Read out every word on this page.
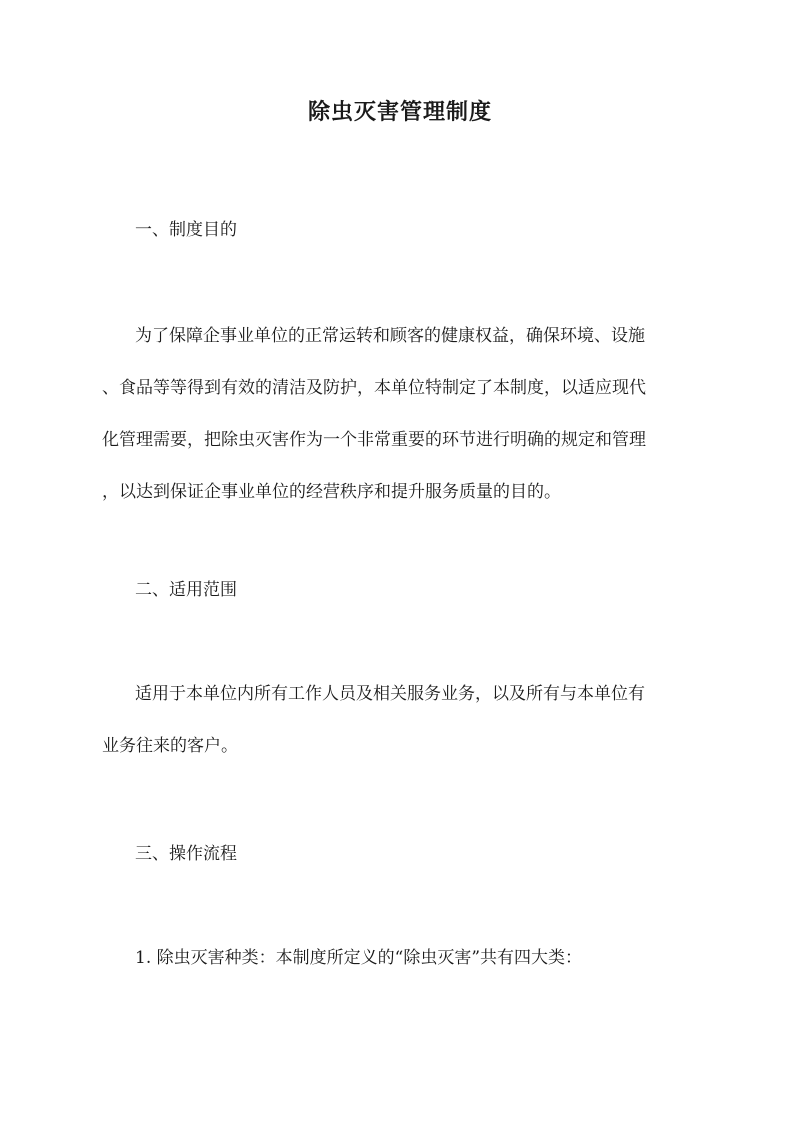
除虫灭害管理制度
一、制度目的
为了保障企事业单位的正常运转和顾客的健康权益，确保环境、设施
、食品等等得到有效的清洁及防护，本单位特制定了本制度，以适应现代
化管理需要，把除虫灭害作为一个非常重要的环节进行明确的规定和管理
，以达到保证企事业单位的经营秩序和提升服务质量的目的。
二、适用范围
适用于本单位内所有工作人员及相关服务业务，以及所有与本单位有
业务往来的客户。
三、操作流程
1. 除虫灭害种类：本制度所定义的“除虫灭害”共有四大类：
